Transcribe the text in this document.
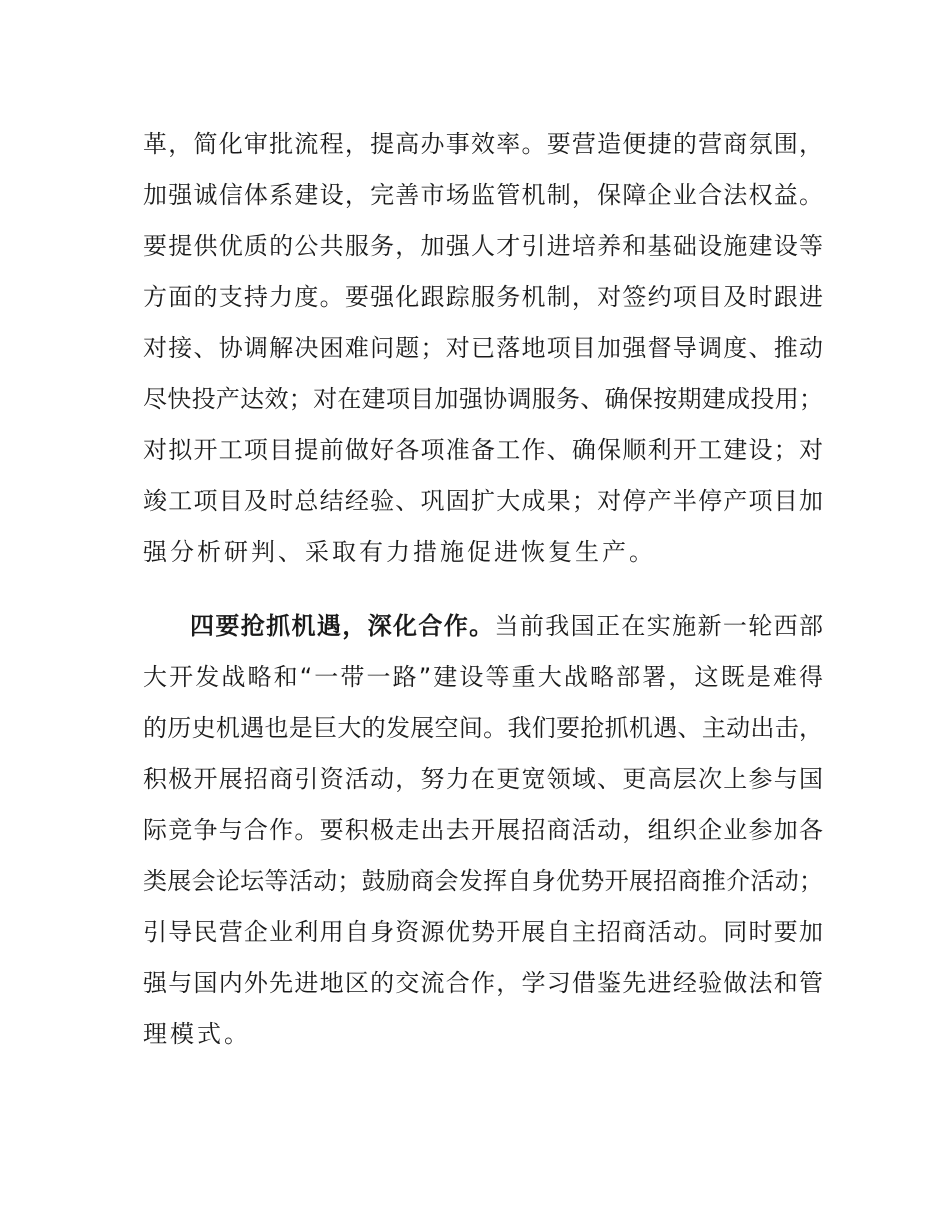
革，简化审批流程，提高办事效率。要营造便捷的营商氛围，
加强诚信体系建设，完善市场监管机制，保障企业合法权益。
要提供优质的公共服务，加强人才引进培养和基础设施建设等
方面的支持力度。要强化跟踪服务机制，对签约项目及时跟进
对接、协调解决困难问题；对已落地项目加强督导调度、推动
尽快投产达效；对在建项目加强协调服务、确保按期建成投用；
对拟开工项目提前做好各项准备工作、确保顺利开工建设；对
竣工项目及时总结经验、巩固扩大成果；对停产半停产项目加
强分析研判、采取有力措施促进恢复生产。
四要抢抓机遇，深化合作。当前我国正在实施新一轮西部
大开发战略和“一带一路”建设等重大战略部署，这既是难得
的历史机遇也是巨大的发展空间。我们要抢抓机遇、主动出击，
积极开展招商引资活动，努力在更宽领域、更高层次上参与国
际竞争与合作。要积极走出去开展招商活动，组织企业参加各
类展会论坛等活动；鼓励商会发挥自身优势开展招商推介活动；
引导民营企业利用自身资源优势开展自主招商活动。同时要加
强与国内外先进地区的交流合作，学习借鉴先进经验做法和管
理模式。
